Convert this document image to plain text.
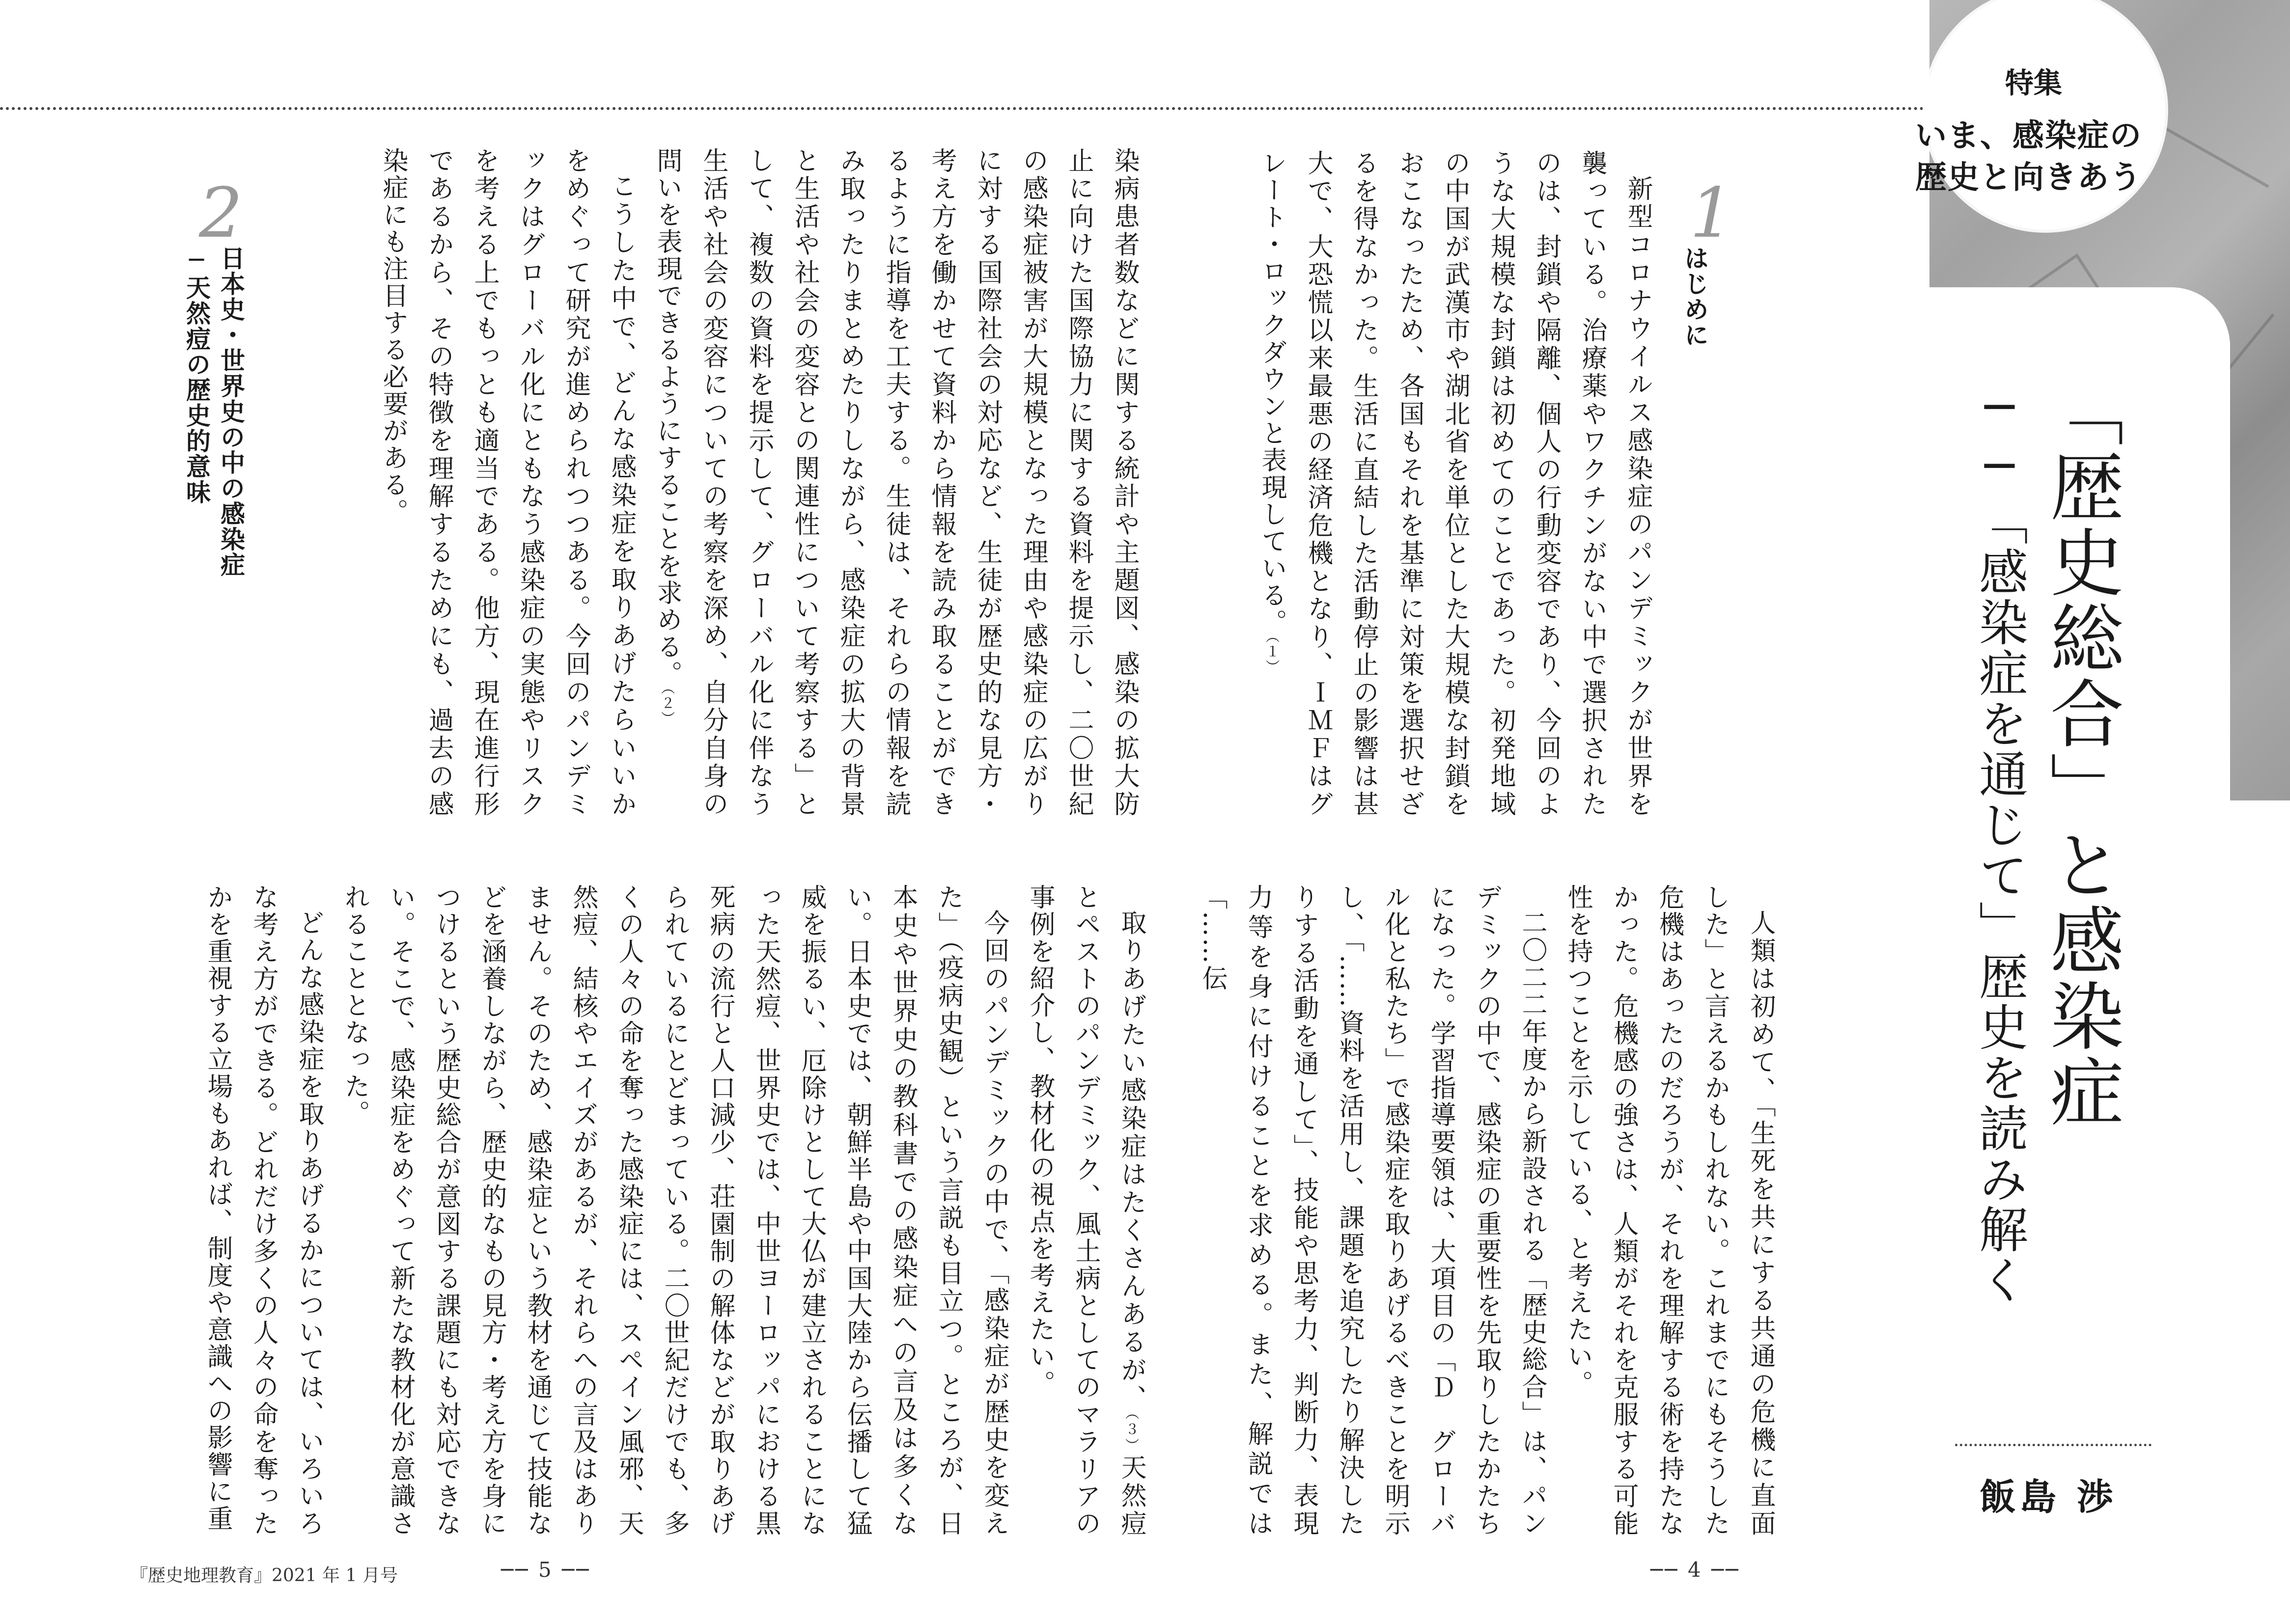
特集
いま、感染症の
歴史と向きあう
「歴史総合」と感染症
──「感染症を通じて」歴史を読み解く
飯島 渉
1
はじめに

新型コロナウイルス感染症のパンデミックが世界を襲っている。治療薬やワクチンがない中で選択されたのは、封鎖や隔離、個人の行動変容であり、今回のような大規模な封鎖は初めてのことであった。初発地域の中国が武漢市や湖北省を単位とした大規模な封鎖をおこなったため、各国もそれを基準に対策を選択せざるを得なかった。生活に直結した活動停止の影響は甚大で、大恐慌以来最悪の経済危機となり、ＩＭＦはグレート・ロックダウンと表現している。（１）

人類は初めて、「生死を共にする共通の危機に直面した」と言えるかもしれない。これまでにもそうした危機はあったのだろうが、それを理解する術を持たなかった。危機感の強さは、人類がそれを克服する可能性を持つことを示している、と考えたい。

二〇二二年度から新設される「歴史総合」は、パンデミックの中で、感染症の重要性を先取りしたかたちになった。学習指導要領は、大項目の「Ｄ　グローバル化と私たち」で感染症を取りあげるべきことを明示し、「……資料を活用し、課題を追究したり解決したりする活動を通して」、技能や思考力、判断力、表現力等を身に付けることを求める。また、解説では「……伝

2
日本史･世界史の中の感染症
─天然痘の歴史的意味	染病患者数などに関する統計や主題図、感染の拡大防止に向けた国際協力に関する資料を提示し、二〇世紀の感染症被害が大規模となった理由や感染症の広がりに対する国際社会の対応など、生徒が歴史的な見方・考え方を働かせて資料から情報を読み取ることができるように指導を工夫する。生徒は、それらの情報を読み取ったりまとめたりしながら、感染症の拡大の背景と生活や社会の変容との関連性について考察する」として、複数の資料を提示して、グローバル化に伴なう生活や社会の変容についての考察を深め、自分自身の問いを表現できるようにすることを求める。（２）

こうした中で、どんな感染症を取りあげたらいいかをめぐって研究が進められつつある。今回のパンデミックはグローバル化にともなう感染症の実態やリスクを考える上でもっとも適当である。他方、現在進行形であるから、その特徴を理解するためにも、過去の感染症にも注目する必要がある。

取りあげたい感染症はたくさんあるが、（３）天然痘とペストのパンデミック、風土病としてのマラリアの事例を紹介し、教材化の視点を考えたい。

今回のパンデミックの中で、「感染症が歴史を変えた」（疫病史観）という言説も目立つ。ところが、日本史や世界史の教科書での感染症への言及は多くない。日本史では、朝鮮半島や中国大陸から伝播して猛威を振るい、厄除けとして大仏が建立されることになった天然痘、世界史では、中世ヨーロッパにおける黒死病の流行と人口減少、荘園制の解体などが取りあげられているにとどまっている。二〇世紀だけでも、多くの人々の命を奪った感染症には、スペイン風邪、天然痘、結核やエイズがあるが、それらへの言及はありません。そのため、感染症という教材を通じて技能などを涵養しながら、歴史的なもの見方・考え方を身につけるという歴史総合が意図する課題にも対応できない。そこで、感染症をめぐって新たな教材化が意識されることとなった。

どんな感染症を取りあげるかについては、いろいろな考え方ができる。どれだけ多くの人々の命を奪ったかを重視する立場もあれば、制度や意識への影響に重

『歴史地理教育』2021 年 1 月号	── 5 ──	── 4 ──
